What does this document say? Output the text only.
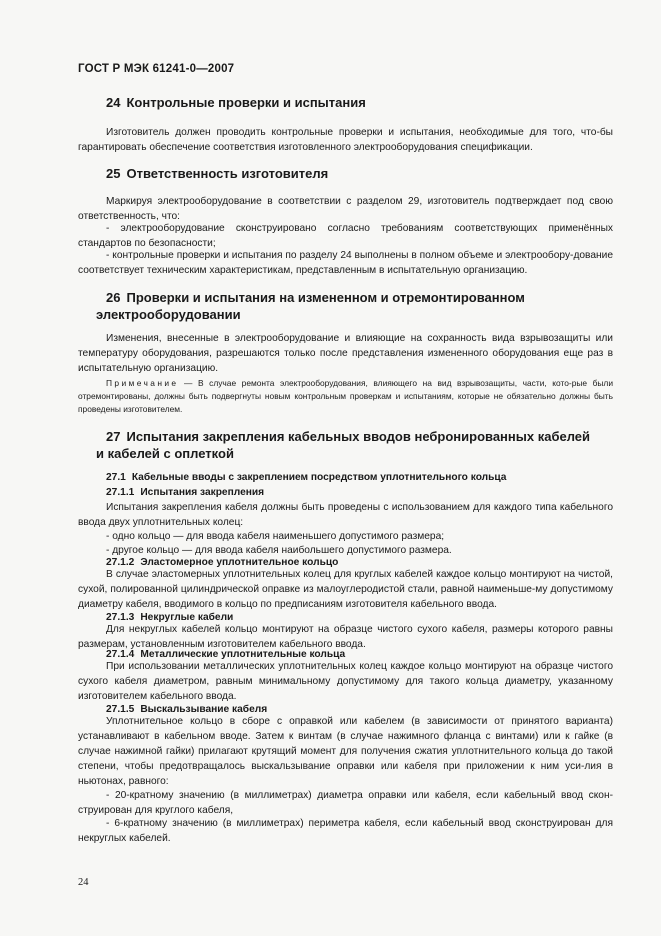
ГОСТ Р МЭК 61241-0—2007
24 Контрольные проверки и испытания
Изготовитель должен проводить контрольные проверки и испытания, необходимые для того, что-бы гарантировать обеспечение соответствия изготовленного электрооборудования спецификации.
25 Ответственность изготовителя
Маркируя электрооборудование в соответствии с разделом 29, изготовитель подтверждает под свою ответственность, что:
- электрооборудование сконструировано согласно требованиям соответствующих применённых стандартов по безопасности;
- контрольные проверки и испытания по разделу 24 выполнены в полном объеме и электрообору-дование соответствует техническим характеристикам, представленным в испытательную организацию.
26 Проверки и испытания на измененном и отремонтированном
электрооборудовании
Изменения, внесенные в электрооборудование и влияющие на сохранность вида взрывозащиты или температуру оборудования, разрешаются только после представления измененного оборудования еще раз в испытательную организацию.
Примечание — В случае ремонта электрооборудования, влияющего на вид взрывозащиты, части, кото-рые были отремонтированы, должны быть подвергнуты новым контрольным проверкам и испытаниям, которые не обязательно должны быть проведены изготовителем.
27 Испытания закрепления кабельных вводов небронированных кабелей
и кабелей с оплеткой
27.1 Кабельные вводы с закреплением посредством уплотнительного кольца
27.1.1 Испытания закрепления
Испытания закрепления кабеля должны быть проведены с использованием для каждого типа кабельного ввода двух уплотнительных колец:
- одно кольцо — для ввода кабеля наименьшего допустимого размера;
- другое кольцо — для ввода кабеля наибольшего допустимого размера.
27.1.2 Эластомерное уплотнительное кольцо
В случае эластомерных уплотнительных колец для круглых кабелей каждое кольцо монтируют на чистой, сухой, полированной цилиндрической оправке из малоуглеродистой стали, равной наименьше-му допустимому диаметру кабеля, вводимого в кольцо по предписаниям изготовителя кабельного ввода.
27.1.3 Некруглые кабели
Для некруглых кабелей кольцо монтируют на образце чистого сухого кабеля, размеры которого равны размерам, установленным изготовителем кабельного ввода.
27.1.4 Металлические уплотнительные кольца
При использовании металлических уплотнительных колец каждое кольцо монтируют на образце чистого сухого кабеля диаметром, равным минимальному допустимому для такого кольца диаметру, указанному изготовителем кабельного ввода.
27.1.5 Выскальзывание кабеля
Уплотнительное кольцо в сборе с оправкой или кабелем (в зависимости от принятого варианта) устанавливают в кабельном вводе. Затем к винтам (в случае нажимного фланца с винтами) или к гайке (в случае нажимной гайки) прилагают крутящий момент для получения сжатия уплотнительного кольца до такой степени, чтобы предотвращалось выскальзывание оправки или кабеля при приложении к ним уси-лия в ньютонах, равного:
- 20-кратному значению (в миллиметрах) диаметра оправки или кабеля, если кабельный ввод скон-струирован для круглого кабеля,
- 6-кратному значению (в миллиметрах) периметра кабеля, если кабельный ввод сконструирован для некруглых кабелей.
24
